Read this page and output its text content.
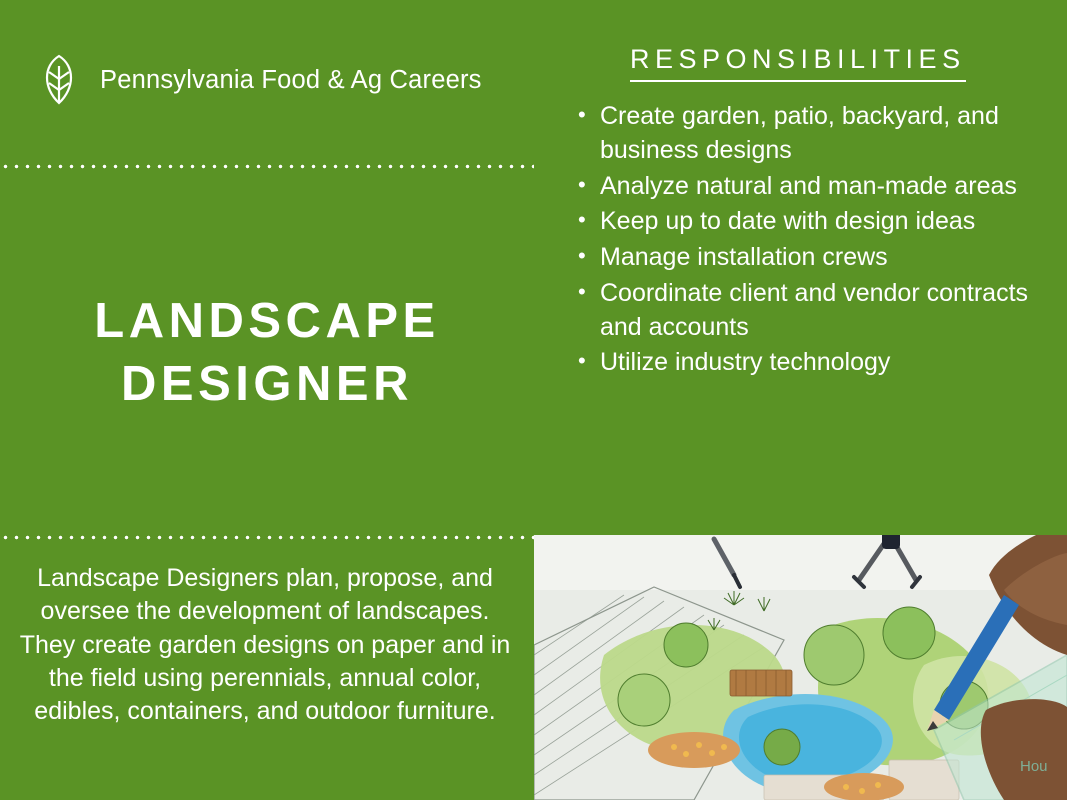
Pennsylvania Food & Ag Careers
LANDSCAPE DESIGNER

Landscape Designers plan, propose, and oversee the development of landscapes. They create garden designs on paper and in the field using perennials, annual color, edibles, containers, and outdoor furniture.

RESPONSIBILITIES
• Create garden, patio, backyard, and business designs
• Analyze natural and man-made areas
• Keep up to date with design ideas
• Manage installation crews
• Coordinate client and vendor contracts and accounts
• Utilize industry technology
Hou
